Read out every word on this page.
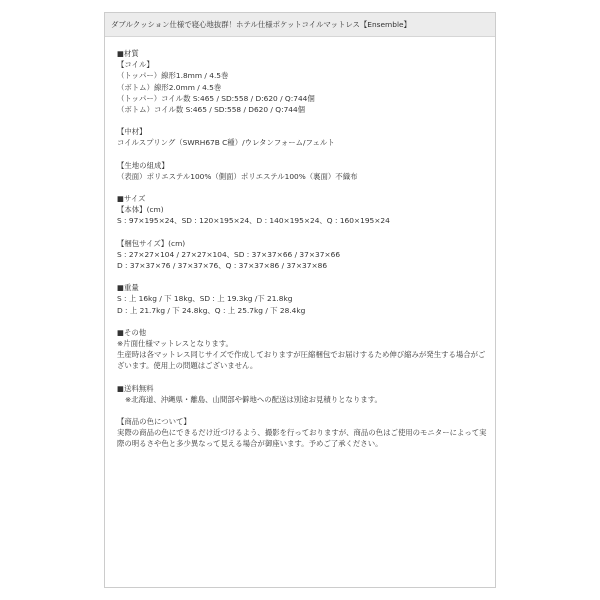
ダブルクッション仕様で寝心地抜群！ホテル仕様ポケットコイルマットレス【Ensemble】
■材質
【コイル】
（トッパー）線形1.8mm / 4.5巻
（ボトム）線形2.0mm / 4.5巻
（トッパー）コイル数 S:465 / SD:558 / D:620 / Q:744個
（ボトム）コイル数 S:465 / SD:558 / D620 / Q:744個
【中材】
コイルスプリング（SWRH67B C種）/ウレタンフォーム/フェルト
【生地の組成】
（表面）ポリエステル100%（側面）ポリエステル100%（裏面）不織布
■サイズ
【本体】(cm)
S : 97×195×24、SD : 120×195×24、D : 140×195×24、Q : 160×195×24
【梱包サイズ】(cm)
S : 27×27×104 / 27×27×104、SD : 37×37×66 / 37×37×66
D : 37×37×76 / 37×37×76、Q : 37×37×86 / 37×37×86
■重量
S : 上 16kg / 下 18kg、SD : 上 19.3kg /下 21.8kg
D : 上 21.7kg / 下 24.8kg、Q : 上 25.7kg / 下 28.4kg
■その他
※片面仕様マットレスとなります。
生産時は各マットレス同じサイズで作成しておりますが圧縮梱包でお届けするため伸び縮みが発生する場合がございます。使用上の問題はございません。
■送料無料
※北海道、沖縄県・離島、山間部や僻地への配送は別途お見積りとなります。
【商品の色について】
実際の商品の色にできるだけ近づけるよう、撮影を行っておりますが、商品の色はご使用のモニターによって実際の明るさや色と多少異なって見える場合が御座います。予めご了承ください。
